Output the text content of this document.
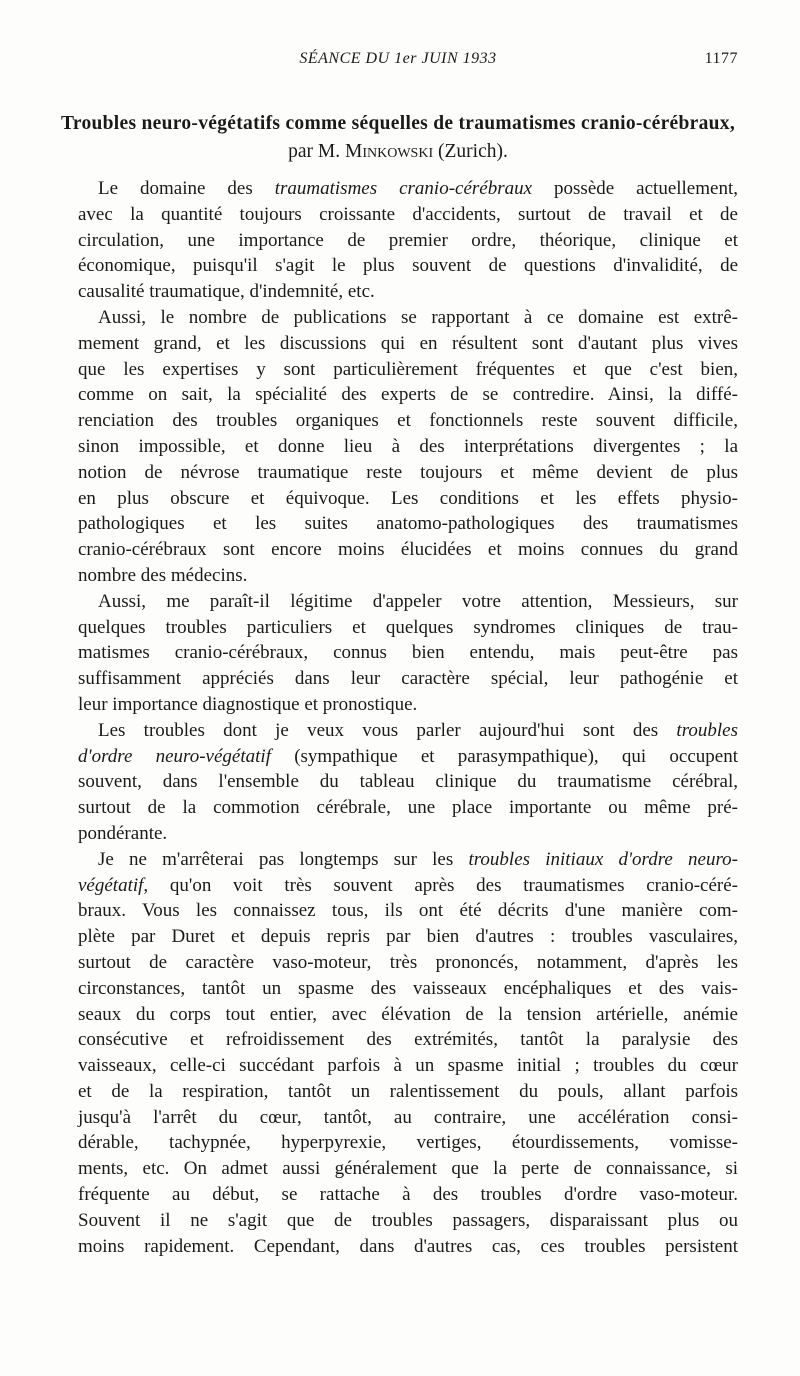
SÉANCE DU 1er JUIN 1933	1177
Troubles neuro-végétatifs comme séquelles de traumatismes cranio-cérébraux, par M. Minkowski (Zurich).
Le domaine des traumatismes cranio-cérébraux possède actuellement,
avec la quantité toujours croissante d'accidents, surtout de travail et de
circulation, une importance de premier ordre, théorique, clinique et
économique, puisqu'il s'agit le plus souvent de questions d'invalidité, de
causalité traumatique, d'indemnité, etc.
Aussi, le nombre de publications se rapportant à ce domaine est extrê-
mement grand, et les discussions qui en résultent sont d'autant plus vives
que les expertises y sont particulièrement fréquentes et que c'est bien,
comme on sait, la spécialité des experts de se contredire. Ainsi, la diffé-
renciation des troubles organiques et fonctionnels reste souvent difficile,
sinon impossible, et donne lieu à des interprétations divergentes ; la
notion de névrose traumatique reste toujours et même devient de plus
en plus obscure et équivoque. Les conditions et les effets physio-
pathologiques et les suites anatomo-pathologiques des traumatismes
cranio-cérébraux sont encore moins élucidées et moins connues du grand
nombre des médecins.
Aussi, me paraît-il légitime d'appeler votre attention, Messieurs, sur
quelques troubles particuliers et quelques syndromes cliniques de trau-
matismes cranio-cérébraux, connus bien entendu, mais peut-être pas
suffisamment appréciés dans leur caractère spécial, leur pathogénie et
leur importance diagnostique et pronostique.
Les troubles dont je veux vous parler aujourd'hui sont des troubles
d'ordre neuro-végétatif (sympathique et parasympathique), qui occupent
souvent, dans l'ensemble du tableau clinique du traumatisme cérébral,
surtout de la commotion cérébrale, une place importante ou même pré-
pondérante.
Je ne m'arrêterai pas longtemps sur les troubles initiaux d'ordre neuro-
végétatif, qu'on voit très souvent après des traumatismes cranio-céré-
braux. Vous les connaissez tous, ils ont été décrits d'une manière com-
plète par Duret et depuis repris par bien d'autres : troubles vasculaires,
surtout de caractère vaso-moteur, très prononcés, notamment, d'après les
circonstances, tantôt un spasme des vaisseaux encéphaliques et des vais-
seaux du corps tout entier, avec élévation de la tension artérielle, anémie
consécutive et refroidissement des extrémités, tantôt la paralysie des
vaisseaux, celle-ci succédant parfois à un spasme initial ; troubles du cœur
et de la respiration, tantôt un ralentissement du pouls, allant parfois
jusqu'à l'arrêt du cœur, tantôt, au contraire, une accélération consi-
dérable, tachypnée, hyperpyrexie, vertiges, étourdissements, vomisse-
ments, etc. On admet aussi généralement que la perte de connaissance, si
fréquente au début, se rattache à des troubles d'ordre vaso-moteur.
Souvent il ne s'agit que de troubles passagers, disparaissant plus ou
moins rapidement. Cependant, dans d'autres cas, ces troubles persistent
